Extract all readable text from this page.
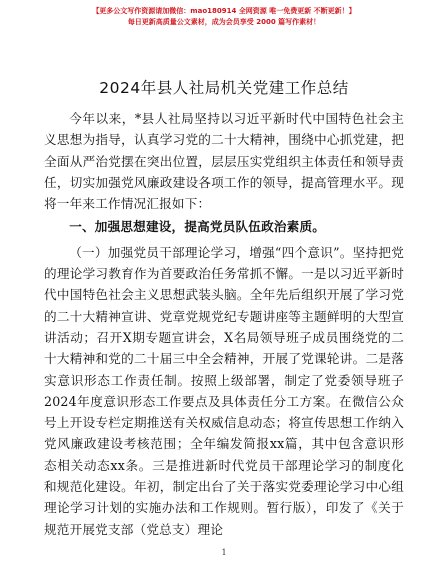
【更多公文写作资源请加微信：mao180914 全网资源 唯一免费更新 不断更新！】
每日更新高质量公文素材，成为会员享受 2000 篇写作素材！
2024年县人社局机关党建工作总结

今年以来，*县人社局坚持以习近平新时代中国特色社会主义思想为指导，认真学习党的二十大精神，围绕中心抓党建，把全面从严治党摆在突出位置，层层压实党组织主体责任和领导责任，切实加强党风廉政建设各项工作的领导，提高管理水平。现将一年来工作情况汇报如下：

一、加强思想建设，提高党员队伍政治素质。

（一）加强党员干部理论学习，增强“四个意识”。坚持把党的理论学习教育作为首要政治任务常抓不懈。一是以习近平新时代中国特色社会主义思想武装头脑。全年先后组织开展了学习党的二十大精神宣讲、党章党规党纪专题讲座等主题鲜明的大型宣讲活动；召开X期专题宣讲会，X名局领导班子成员围绕党的二十大精神和党的二十届三中全会精神，开展了党课轮讲。二是落实意识形态工作责任制。按照上级部署，制定了党委领导班子2024年度意识形态工作要点及具体责任分工方案。在微信公众号上开设专栏定期推送有关权威信息动态；将宣传思想工作纳入党风廉政建设考核范围；全年编发简报xx篇，其中包含意识形态相关动态xx条。三是推进新时代党员干部理论学习的制度化和规范化建设。年初，制定出台了关于落实党委理论学习中心组理论学习计划的实施办法和工作规则。暂行版），印发了《关于规范开展党支部（党总支）理论

1
